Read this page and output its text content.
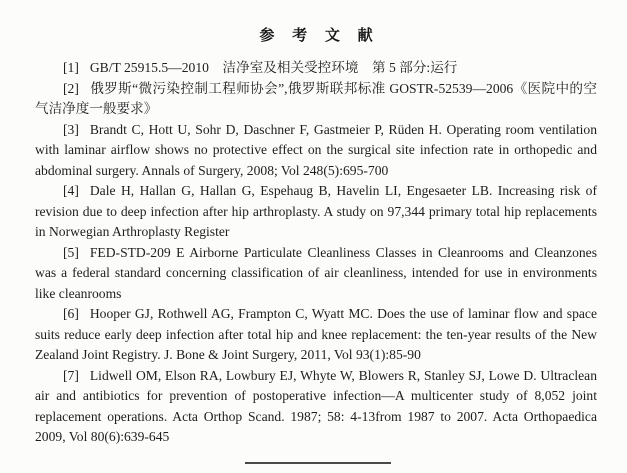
参 考 文 献

[1] GB/T 25915.5—2010　洁净室及相关受控环境　第 5 部分:运行

[2] 俄罗斯“微污染控制工程师协会”,俄罗斯联邦标准 GOSTR-52539—2006《医院中的空气洁净度一般要求》

[3] Brandt C, Hott U, Sohr D, Daschner F, Gastmeier P, Rüden H. Operating room ventilation with laminar airflow shows no protective effect on the surgical site infection rate in orthopedic and abdominal surgery. Annals of Surgery, 2008; Vol 248(5):695-700

[4] Dale H, Hallan G, Hallan G, Espehaug B, Havelin LI, Engesaeter LB. Increasing risk of revision due to deep infection after hip arthroplasty. A study on 97,344 primary total hip replacements in Norwegian Arthroplasty Register

[5] FED-STD-209 E Airborne Particulate Cleanliness Classes in Cleanrooms and Cleanzones was a federal standard concerning classification of air cleanliness, intended for use in environments like cleanrooms

[6] Hooper GJ, Rothwell AG, Frampton C, Wyatt MC. Does the use of laminar flow and space suits reduce early deep infection after total hip and knee replacement: the ten-year results of the New Zealand Joint Registry. J. Bone & Joint Surgery, 2011, Vol 93(1):85-90

[7] Lidwell OM, Elson RA, Lowbury EJ, Whyte W, Blowers R, Stanley SJ, Lowe D. Ultraclean air and antibiotics for prevention of postoperative infection—A multicenter study of 8,052 joint replacement operations. Acta Orthop Scand. 1987; 58: 4-13from 1987 to 2007. Acta Orthopaedica 2009, Vol 80(6):639-645
